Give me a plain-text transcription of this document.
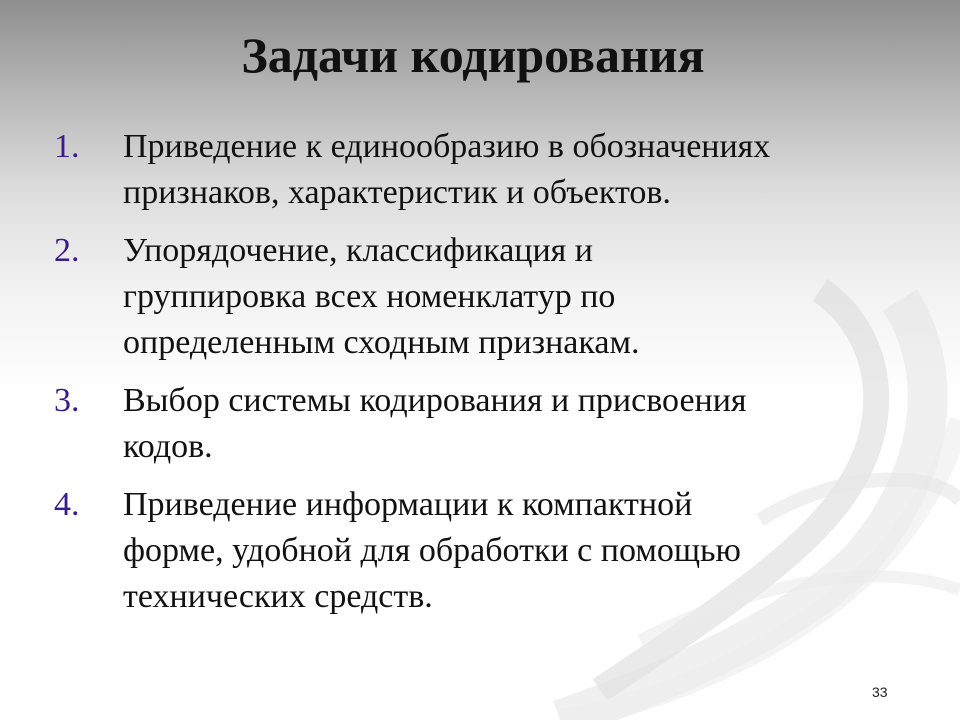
Задачи кодирования
1.	Приведение к единообразию в обозначениях
признаков, характеристик и объектов.
2.	Упорядочение, классификация и
группировка всех номенклатур по
определенным сходным признакам.
3.	Выбор системы кодирования и присвоения
кодов.
4.	Приведение информации к компактной
форме, удобной для обработки с помощью
технических средств.
33
